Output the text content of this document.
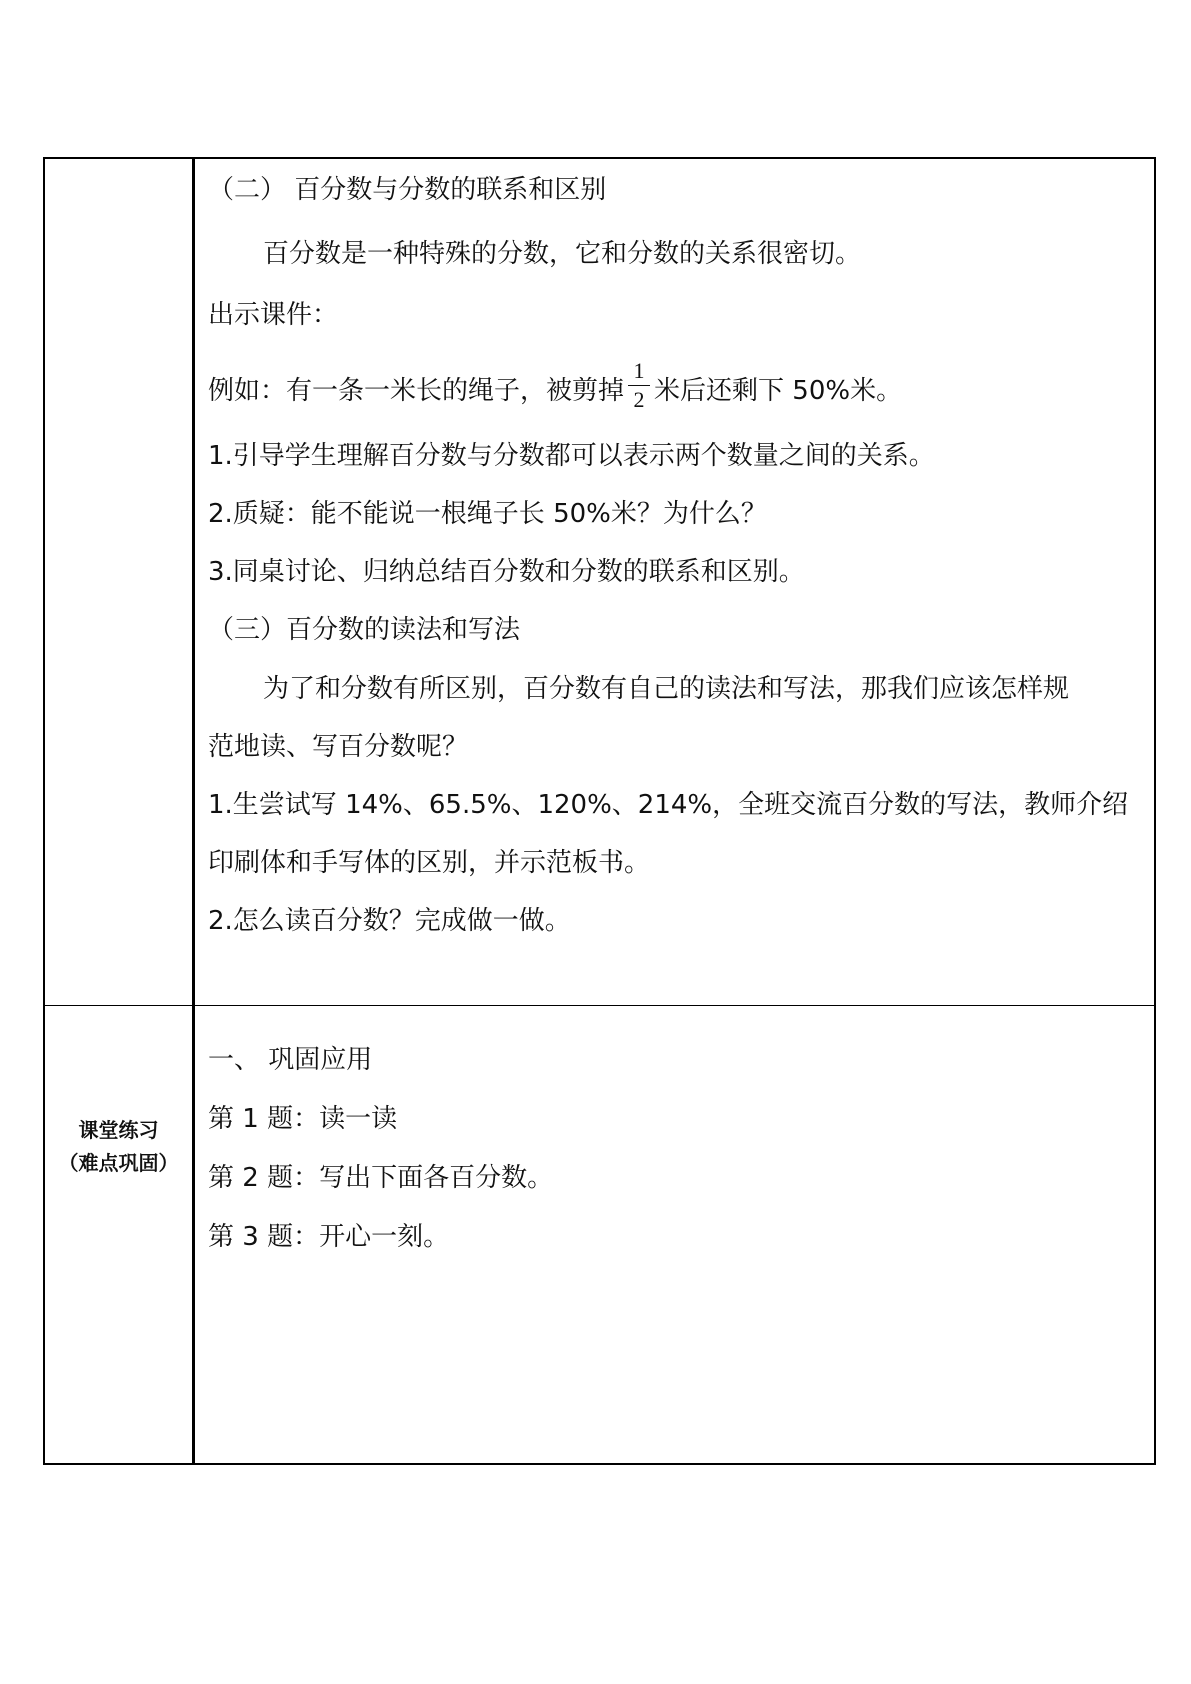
（二） 百分数与分数的联系和区别
百分数是一种特殊的分数，它和分数的关系很密切。
出示课件：
例如：有一条一米长的绳子，被剪掉 $\frac{1}{2}$ 米后还剩下 50%米。
1.引导学生理解百分数与分数都可以表示两个数量之间的关系。
2.质疑：能不能说一根绳子长 50%米？为什么？
3.同桌讨论、归纳总结百分数和分数的联系和区别。
（三）百分数的读法和写法
为了和分数有所区别，百分数有自己的读法和写法，那我们应该怎样规
范地读、写百分数呢？
1.生尝试写 14%、65.5%、120%、214%，全班交流百分数的写法，教师介绍
印刷体和手写体的区别，并示范板书。
2.怎么读百分数？完成做一做。
课堂练习
（难点巩固）
一、 巩固应用
第 1 题：读一读
第 2 题：写出下面各百分数。
第 3 题：开心一刻。
